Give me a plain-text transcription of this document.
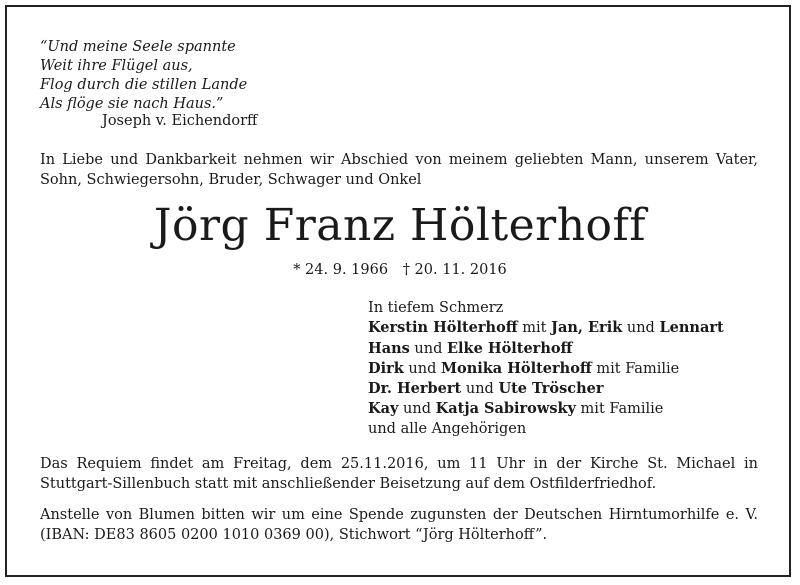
“Und meine Seele spannte
Weit ihre Flügel aus,
Flog durch die stillen Lande
Als flöge sie nach Haus.”
Joseph v. Eichendorff
In Liebe und Dankbarkeit nehmen wir Abschied von meinem geliebten Mann, unserem Vater, Sohn, Schwiegersohn, Bruder, Schwager und Onkel
Jörg Franz Hölterhoff
* 24. 9. 1966 † 20. 11. 2016
In tiefem Schmerz
Kerstin Hölterhoff mit Jan, Erik und Lennart
Hans und Elke Hölterhoff
Dirk und Monika Hölterhoff mit Familie
Dr. Herbert und Ute Tröscher
Kay und Katja Sabirowsky mit Familie
und alle Angehörigen
Das Requiem findet am Freitag, dem 25.11.2016, um 11 Uhr in der Kirche St. Michael in Stuttgart-Sillenbuch statt mit anschließender Beisetzung auf dem Ostfilderfriedhof.
Anstelle von Blumen bitten wir um eine Spende zugunsten der Deutschen Hirntumorhilfe e. V. (IBAN: DE83 8605 0200 1010 0369 00), Stichwort “Jörg Hölterhoff”.
